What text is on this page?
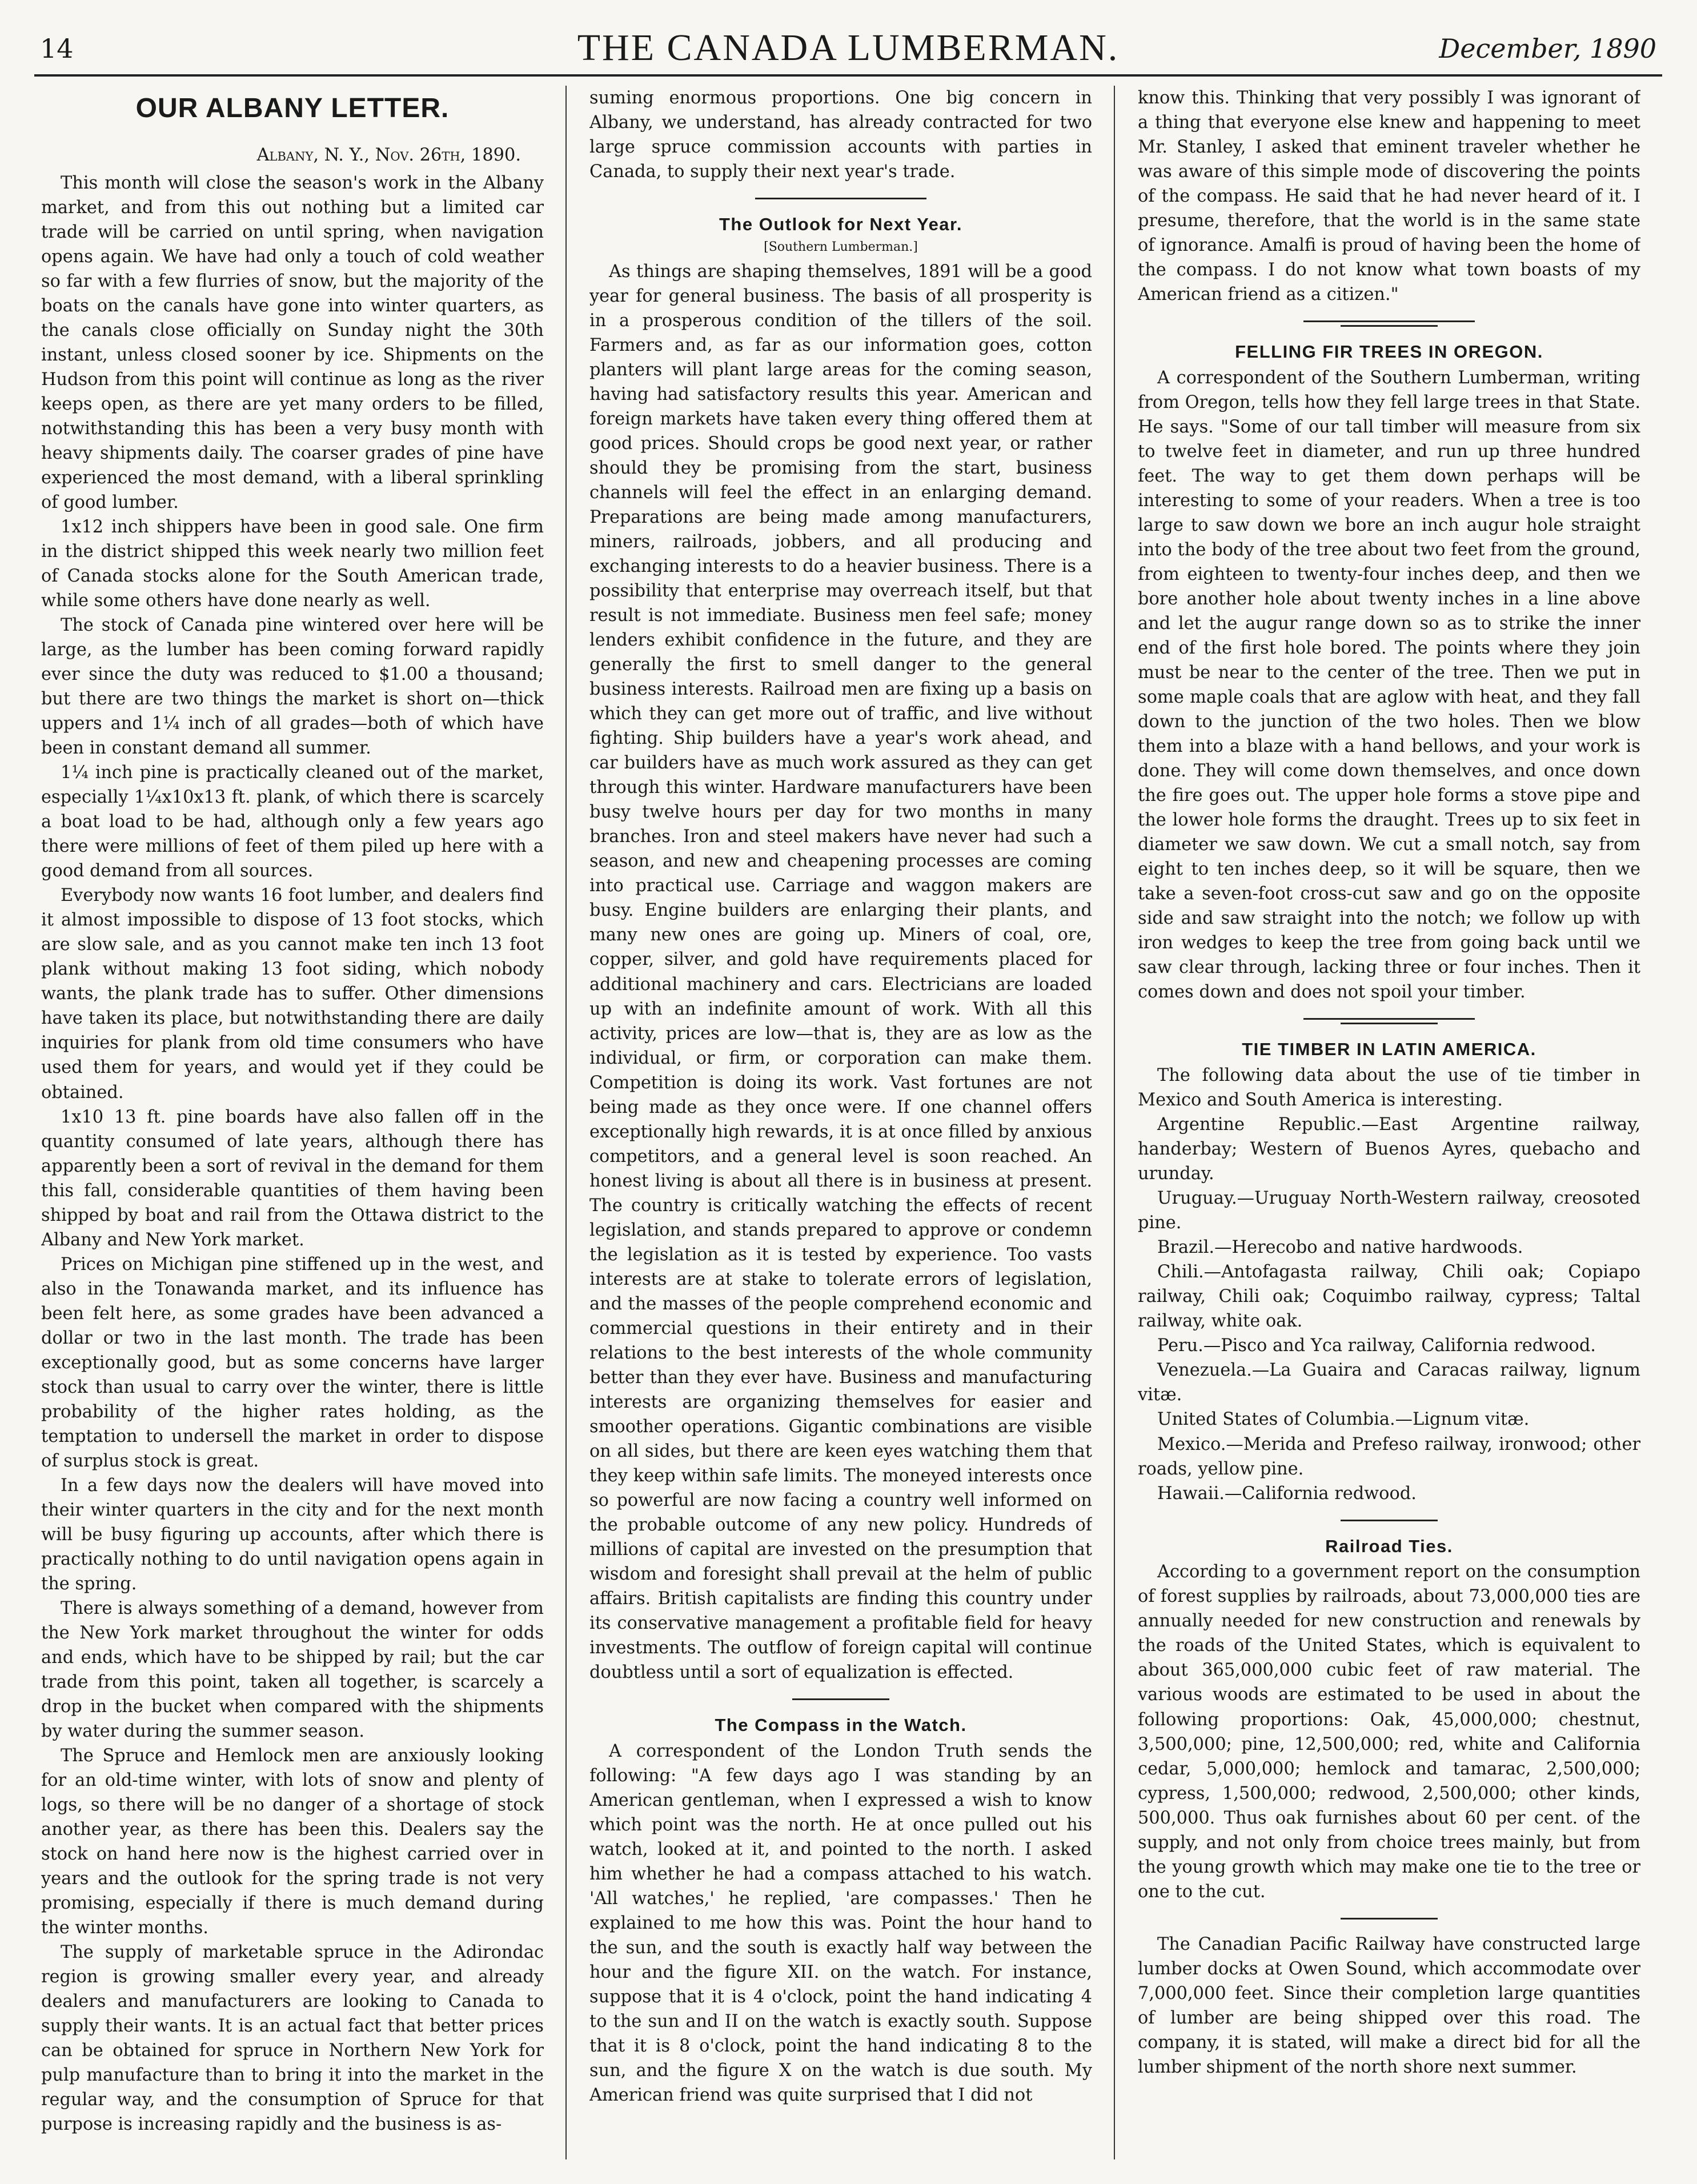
14	THE CANADA LUMBERMAN.	December, 1890
OUR ALBANY LETTER.

Albany, N. Y., Nov. 26th, 1890.

This month will close the season's work in the Albany market, and from this out nothing but a limited car trade will be carried on until spring, when navigation opens again. We have had only a touch of cold weather so far with a few flurries of snow, but the majority of the boats on the canals have gone into winter quarters, as the canals close officially on Sunday night the 30th instant, unless closed sooner by ice. Shipments on the Hudson from this point will continue as long as the river keeps open, as there are yet many orders to be filled, notwithstanding this has been a very busy month with heavy shipments daily. The coarser grades of pine have experienced the most demand, with a liberal sprinkling of good lumber.

1x12 inch shippers have been in good sale. One firm in the district shipped this week nearly two million feet of Canada stocks alone for the South American trade, while some others have done nearly as well.

The stock of Canada pine wintered over here will be large, as the lumber has been coming forward rapidly ever since the duty was reduced to $1.00 a thousand; but there are two things the market is short on—thick uppers and 1¼ inch of all grades—both of which have been in constant demand all summer.

1¼ inch pine is practically cleaned out of the market, especially 1¼x10x13 ft. plank, of which there is scarcely a boat load to be had, although only a few years ago there were millions of feet of them piled up here with a good demand from all sources.

Everybody now wants 16 foot lumber, and dealers find it almost impossible to dispose of 13 foot stocks, which are slow sale, and as you cannot make ten inch 13 foot plank without making 13 foot siding, which nobody wants, the plank trade has to suffer. Other dimensions have taken its place, but notwithstanding there are daily inquiries for plank from old time consumers who have used them for years, and would yet if they could be obtained.

1x10 13 ft. pine boards have also fallen off in the quantity consumed of late years, although there has apparently been a sort of revival in the demand for them this fall, considerable quantities of them having been shipped by boat and rail from the Ottawa district to the Albany and New York market.

Prices on Michigan pine stiffened up in the west, and also in the Tonawanda market, and its influence has been felt here, as some grades have been advanced a dollar or two in the last month. The trade has been exceptionally good, but as some concerns have larger stock than usual to carry over the winter, there is little probability of the higher rates holding, as the temptation to undersell the market in order to dispose of surplus stock is great.

In a few days now the dealers will have moved into their winter quarters in the city and for the next month will be busy figuring up accounts, after which there is practically nothing to do until navigation opens again in the spring.

There is always something of a demand, however from the New York market throughout the winter for odds and ends, which have to be shipped by rail; but the car trade from this point, taken all together, is scarcely a drop in the bucket when compared with the shipments by water during the summer season.

The Spruce and Hemlock men are anxiously looking for an old-time winter, with lots of snow and plenty of logs, so there will be no danger of a shortage of stock another year, as there has been this. Dealers say the stock on hand here now is the highest carried over in years and the outlook for the spring trade is not very promising, especially if there is much demand during the winter months.

The supply of marketable spruce in the Adirondac region is growing smaller every year, and already dealers and manufacturers are looking to Canada to supply their wants. It is an actual fact that better prices can be obtained for spruce in Northern New York for pulp manufacture than to bring it into the market in the regular way, and the consumption of Spruce for that purpose is increasing rapidly and the business is as-

suming enormous proportions. One big concern in Albany, we understand, has already contracted for two large spruce commission accounts with parties in Canada, to supply their next year's trade.

The Outlook for Next Year.
[Southern Lumberman.]

As things are shaping themselves, 1891 will be a good year for general business. The basis of all prosperity is in a prosperous condition of the tillers of the soil. Farmers and, as far as our information goes, cotton planters will plant large areas for the coming season, having had satisfactory results this year. American and foreign markets have taken every thing offered them at good prices. Should crops be good next year, or rather should they be promising from the start, business channels will feel the effect in an enlarging demand. Preparations are being made among manufacturers, miners, railroads, jobbers, and all producing and exchanging interests to do a heavier business. There is a possibility that enterprise may overreach itself, but that result is not immediate. Business men feel safe; money lenders exhibit confidence in the future, and they are generally the first to smell danger to the general business interests. Railroad men are fixing up a basis on which they can get more out of traffic, and live without fighting. Ship builders have a year's work ahead, and car builders have as much work assured as they can get through this winter. Hardware manufacturers have been busy twelve hours per day for two months in many branches. Iron and steel makers have never had such a season, and new and cheapening processes are coming into practical use. Carriage and waggon makers are busy. Engine builders are enlarging their plants, and many new ones are going up. Miners of coal, ore, copper, silver, and gold have requirements placed for additional machinery and cars. Electricians are loaded up with an indefinite amount of work. With all this activity, prices are low—that is, they are as low as the individual, or firm, or corporation can make them. Competition is doing its work. Vast fortunes are not being made as they once were. If one channel offers exceptionally high rewards, it is at once filled by anxious competitors, and a general level is soon reached. An honest living is about all there is in business at present. The country is critically watching the effects of recent legislation, and stands prepared to approve or condemn the legislation as it is tested by experience. Too vasts interests are at stake to tolerate errors of legislation, and the masses of the people comprehend economic and commercial questions in their entirety and in their relations to the best interests of the whole community better than they ever have. Business and manufacturing interests are organizing themselves for easier and smoother operations. Gigantic combinations are visible on all sides, but there are keen eyes watching them that they keep within safe limits. The moneyed interests once so powerful are now facing a country well informed on the probable outcome of any new policy. Hundreds of millions of capital are invested on the presumption that wisdom and foresight shall prevail at the helm of public affairs. British capitalists are finding this country under its conservative management a profitable field for heavy investments. The outflow of foreign capital will continue doubtless until a sort of equalization is effected.

The Compass in the Watch.

A correspondent of the London Truth sends the following: "A few days ago I was standing by an American gentleman, when I expressed a wish to know which point was the north. He at once pulled out his watch, looked at it, and pointed to the north. I asked him whether he had a compass attached to his watch. 'All watches,' he replied, 'are compasses.' Then he explained to me how this was. Point the hour hand to the sun, and the south is exactly half way between the hour and the figure XII. on the watch. For instance, suppose that it is 4 o'clock, point the hand indicating 4 to the sun and II on the watch is exactly south. Suppose that it is 8 o'clock, point the hand indicating 8 to the sun, and the figure X on the watch is due south. My American friend was quite surprised that I did not

know this. Thinking that very possibly I was ignorant of a thing that everyone else knew and happening to meet Mr. Stanley, I asked that eminent traveler whether he was aware of this simple mode of discovering the points of the compass. He said that he had never heard of it. I presume, therefore, that the world is in the same state of ignorance. Amalfi is proud of having been the home of the compass. I do not know what town boasts of my American friend as a citizen."

FELLING FIR TREES IN OREGON.

A correspondent of the Southern Lumberman, writing from Oregon, tells how they fell large trees in that State. He says. "Some of our tall timber will measure from six to twelve feet in diameter, and run up three hundred feet. The way to get them down perhaps will be interesting to some of your readers. When a tree is too large to saw down we bore an inch augur hole straight into the body of the tree about two feet from the ground, from eighteen to twenty-four inches deep, and then we bore another hole about twenty inches in a line above and let the augur range down so as to strike the inner end of the first hole bored. The points where they join must be near to the center of the tree. Then we put in some maple coals that are aglow with heat, and they fall down to the junction of the two holes. Then we blow them into a blaze with a hand bellows, and your work is done. They will come down themselves, and once down the fire goes out. The upper hole forms a stove pipe and the lower hole forms the draught. Trees up to six feet in diameter we saw down. We cut a small notch, say from eight to ten inches deep, so it will be square, then we take a seven-foot cross-cut saw and go on the opposite side and saw straight into the notch; we follow up with iron wedges to keep the tree from going back until we saw clear through, lacking three or four inches. Then it comes down and does not spoil your timber.

TIE TIMBER IN LATIN AMERICA.

The following data about the use of tie timber in Mexico and South America is interesting.

Argentine Republic.—East Argentine railway, handerbay; Western of Buenos Ayres, quebacho and urunday.

Uruguay.—Uruguay North-Western railway, creosoted pine.

Brazil.—Herecobo and native hardwoods.

Chili.—Antofagasta railway, Chili oak; Copiapo railway, Chili oak; Coquimbo railway, cypress; Taltal railway, white oak.

Peru.—Pisco and Yca railway, California redwood.

Venezuela.—La Guaira and Caracas railway, lignum vitæ.

United States of Columbia.—Lignum vitæ.

Mexico.—Merida and Prefeso railway, ironwood; other roads, yellow pine.

Hawaii.—California redwood.

Railroad Ties.

According to a government report on the consumption of forest supplies by railroads, about 73,000,000 ties are annually needed for new construction and renewals by the roads of the United States, which is equivalent to about 365,000,000 cubic feet of raw material. The various woods are estimated to be used in about the following proportions: Oak, 45,000,000; chestnut, 3,500,000; pine, 12,500,000; red, white and California cedar, 5,000,000; hemlock and tamarac, 2,500,000; cypress, 1,500,000; redwood, 2,500,000; other kinds, 500,000. Thus oak furnishes about 60 per cent. of the supply, and not only from choice trees mainly, but from the young growth which may make one tie to the tree or one to the cut.

The Canadian Pacific Railway have constructed large lumber docks at Owen Sound, which accommodate over 7,000,000 feet. Since their completion large quantities of lumber are being shipped over this road. The company, it is stated, will make a direct bid for all the lumber shipment of the north shore next summer.
